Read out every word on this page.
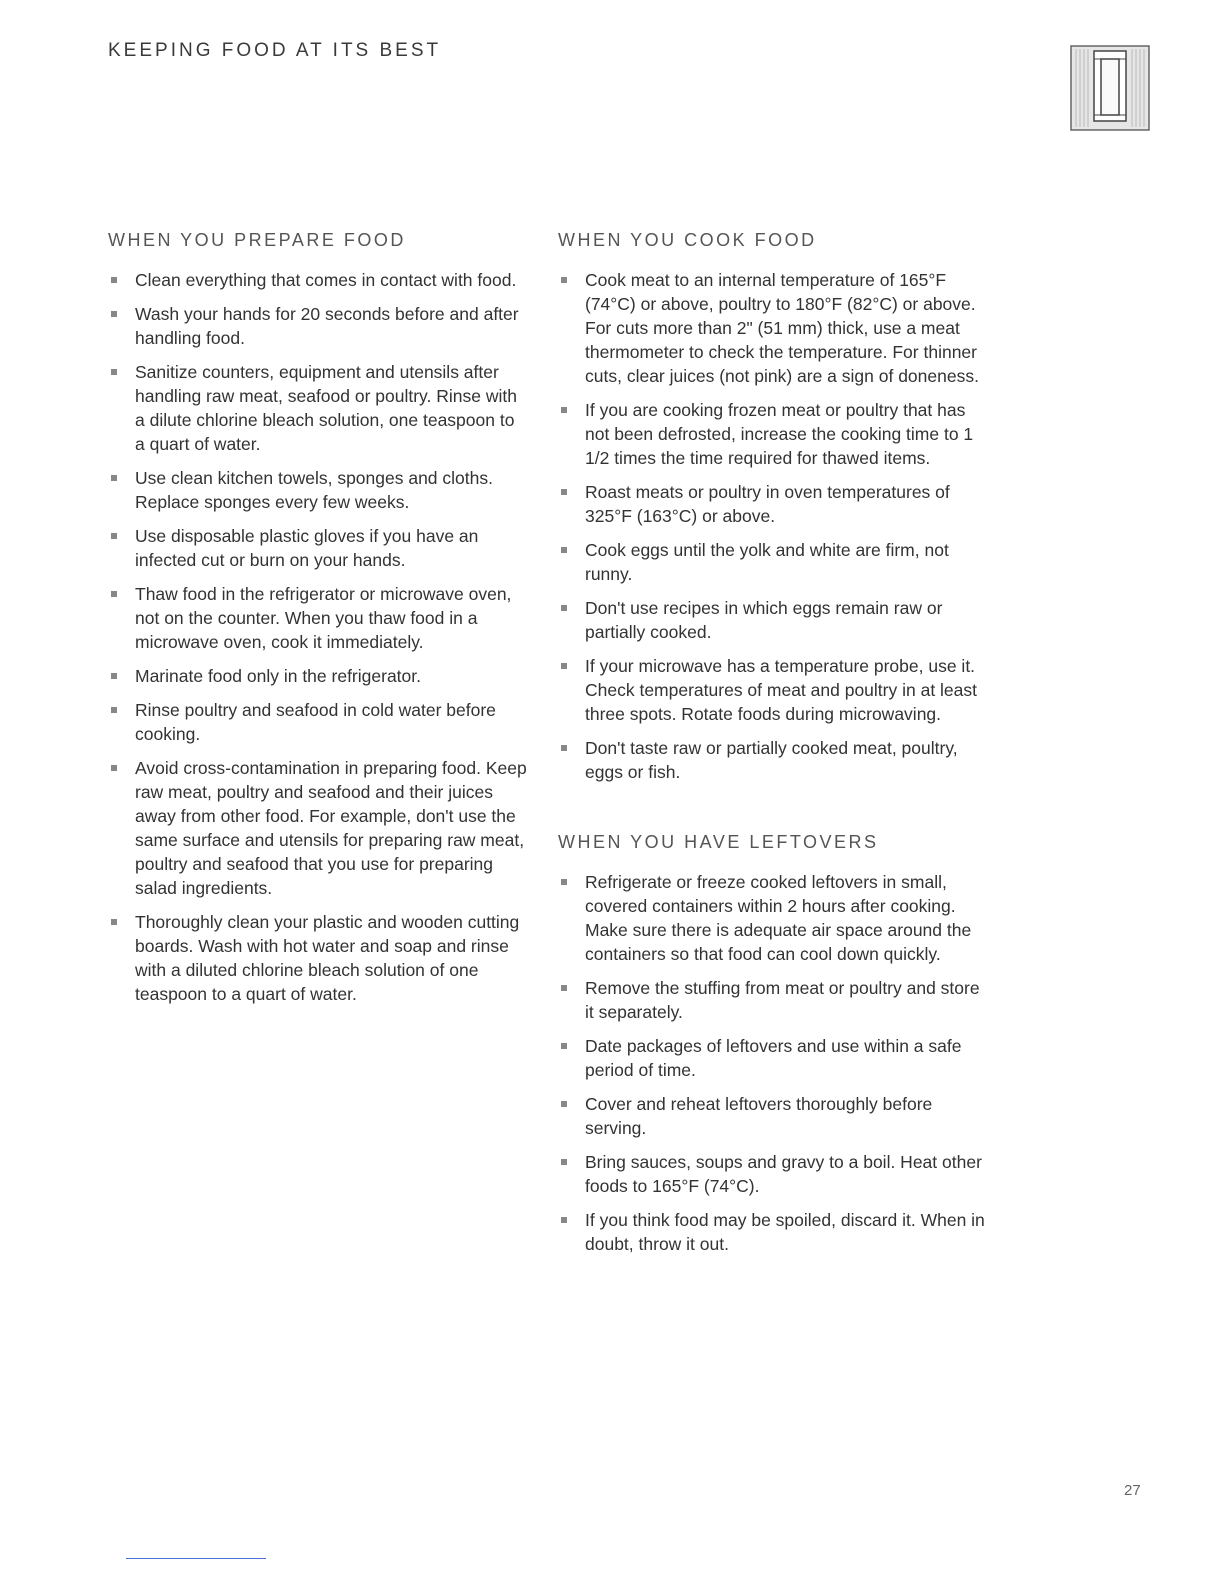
KEEPING FOOD AT ITS BEST
WHEN YOU PREPARE FOOD
Clean everything that comes in contact with food.
Wash your hands for 20 seconds before and after handling food.
Sanitize counters, equipment and utensils after handling raw meat, seafood or poultry. Rinse with a dilute chlorine bleach solution, one teaspoon to a quart of water.
Use clean kitchen towels, sponges and cloths. Replace sponges every few weeks.
Use disposable plastic gloves if you have an infected cut or burn on your hands.
Thaw food in the refrigerator or microwave oven, not on the counter. When you thaw food in a microwave oven, cook it immediately.
Marinate food only in the refrigerator.
Rinse poultry and seafood in cold water before cooking.
Avoid cross-contamination in preparing food. Keep raw meat, poultry and seafood and their juices away from other food. For example, don't use the same surface and utensils for preparing raw meat, poultry and seafood that you use for preparing salad ingredients.
Thoroughly clean your plastic and wooden cutting boards. Wash with hot water and soap and rinse with a diluted chlorine bleach solution of one teaspoon to a quart of water.
WHEN YOU COOK FOOD
Cook meat to an internal temperature of 165°F (74°C) or above, poultry to 180°F (82°C) or above. For cuts more than 2" (51 mm) thick, use a meat thermometer to check the temperature. For thinner cuts, clear juices (not pink) are a sign of doneness.
If you are cooking frozen meat or poultry that has not been defrosted, increase the cooking time to 1 1/2 times the time required for thawed items.
Roast meats or poultry in oven temperatures of 325°F (163°C) or above.
Cook eggs until the yolk and white are firm, not runny.
Don't use recipes in which eggs remain raw or partially cooked.
If your microwave has a temperature probe, use it. Check temperatures of meat and poultry in at least three spots. Rotate foods during microwaving.
Don't taste raw or partially cooked meat, poultry, eggs or fish.
WHEN YOU HAVE LEFTOVERS
Refrigerate or freeze cooked leftovers in small, covered containers within 2 hours after cooking. Make sure there is adequate air space around the containers so that food can cool down quickly.
Remove the stuffing from meat or poultry and store it separately.
Date packages of leftovers and use within a safe period of time.
Cover and reheat leftovers thoroughly before serving.
Bring sauces, soups and gravy to a boil. Heat other foods to 165°F (74°C).
If you think food may be spoiled, discard it. When in doubt, throw it out.
27
